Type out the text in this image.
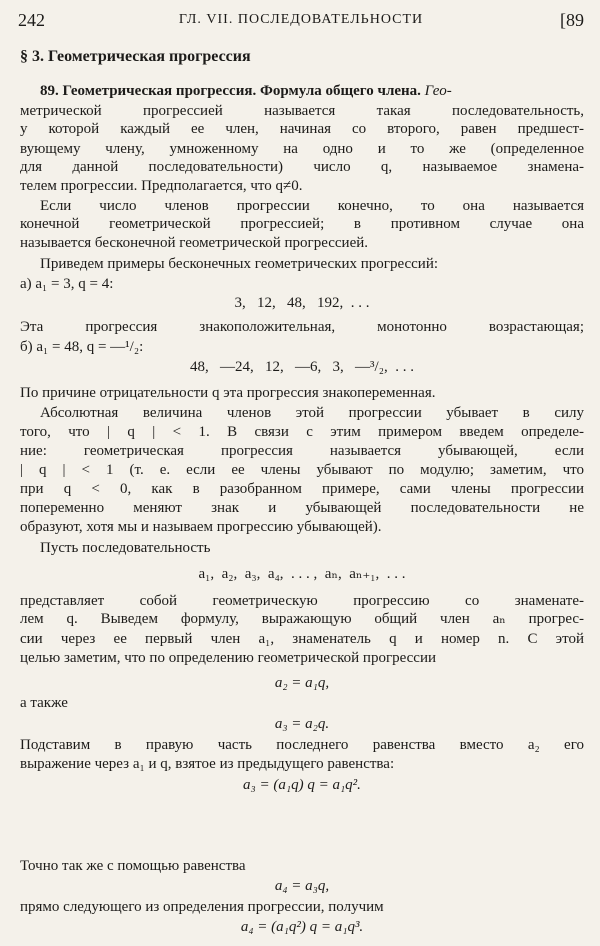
242	ГЛ. VII. ПОСЛЕДОВАТЕЛЬНОСТИ	[89
§ 3. Геометрическая прогрессия
89. Геометрическая прогрессия. Формула общего члена. Гео-
метрической прогрессией называется такая последовательность,
у которой каждый ее член, начиная со второго, равен предшест-
вующему члену, умноженному на одно и то же (определенное
для данной последовательности) число q, называемое знамена-
телем прогрессии. Предполагается, что q≠0.
Если число членов прогрессии конечно, то она называется
конечной геометрической прогрессией; в противном случае она
называется бесконечной геометрической прогрессией.
Приведем примеры бесконечных геометрических прогрессий:
а) a₁ = 3, q = 4:
3,   12,   48,   192,  . . .
Эта прогрессия знакоположительная, монотонно возрастающая;
б) a₁ = 48, q = —¹/₂:
48,   —24,   12,   —6,   3,   —³/₂,  . . .
По причине отрицательности q эта прогрессия знакопеременная.
Абсолютная величина членов этой прогрессии убывает в силу
того, что | q | < 1. В связи с этим примером введем определе-
ние: геометрическая прогрессия называется убывающей, если
| q | < 1 (т. е. если ее члены убывают по модулю; заметим, что
при q < 0, как в разобранном примере, сами члены прогрессии
попеременно меняют знак и убывающей последовательности не
образуют, хотя мы и называем прогрессию убывающей).
Пусть последовательность
a₁,  a₂,  a₃,  a₄,  . . . ,  aₙ,  aₙ₊₁,  . . .
представляет собой геометрическую прогрессию со знаменате-
лем q. Выведем формулу, выражающую общий член aₙ прогрес-
сии через ее первый член a₁, знаменатель q и номер n. С этой
целью заметим, что по определению геометрической прогрессии
a₂ = a₁q,
а также
a₃ = a₂q.
Подставим в правую часть последнего равенства вместо a₂ его
выражение через a₁ и q, взятое из предыдущего равенства:
a₃ = (a₁q) q = a₁q².
Точно так же с помощью равенства
a₄ = a₃q,
прямо следующего из определения прогрессии, получим
a₄ = (a₁q²) q = a₁q³.
